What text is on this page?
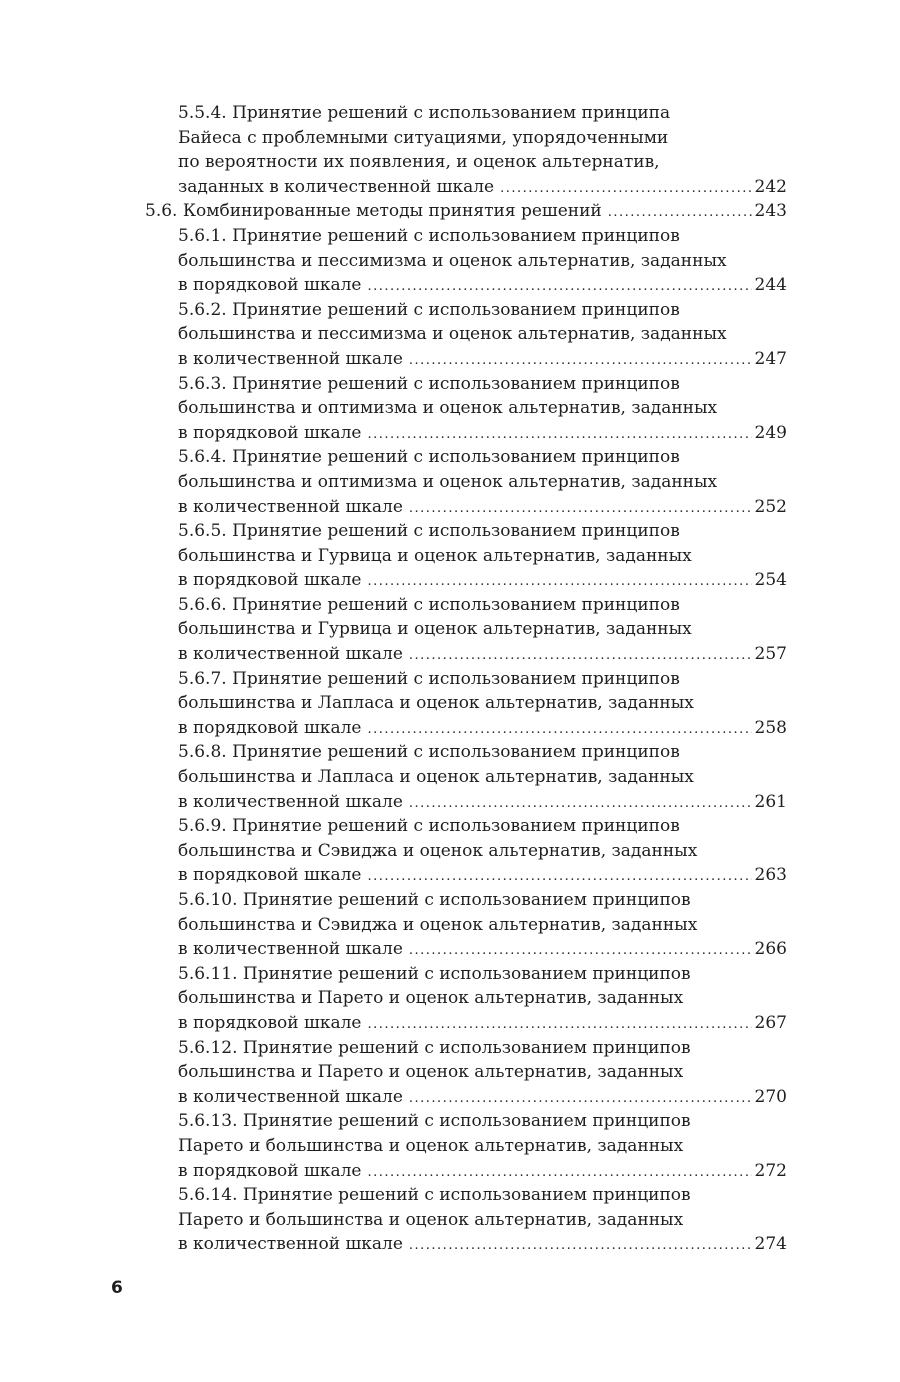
5.5.4. Принятие решений с использованием принципа
Байеса с проблемными ситуациями, упорядоченными
по вероятности их появления, и оценок альтернатив,
заданных в количественной шкале .....	242
5.6. Комбинированные методы принятия решений .....	243
5.6.1. Принятие решений с использованием принципов
большинства и пессимизма и оценок альтернатив, заданных
в порядковой шкале .....	244
5.6.2. Принятие решений с использованием принципов
большинства и пессимизма и оценок альтернатив, заданных
в количественной шкале .....	247
5.6.3. Принятие решений с использованием принципов
большинства и оптимизма и оценок альтернатив, заданных
в порядковой шкале .....	249
5.6.4. Принятие решений с использованием принципов
большинства и оптимизма и оценок альтернатив, заданных
в количественной шкале .....	252
5.6.5. Принятие решений с использованием принципов
большинства и Гурвица и оценок альтернатив, заданных
в порядковой шкале .....	254
5.6.6. Принятие решений с использованием принципов
большинства и Гурвица и оценок альтернатив, заданных
в количественной шкале .....	257
5.6.7. Принятие решений с использованием принципов
большинства и Лапласа и оценок альтернатив, заданных
в порядковой шкале .....	258
5.6.8. Принятие решений с использованием принципов
большинства и Лапласа и оценок альтернатив, заданных
в количественной шкале .....	261
5.6.9. Принятие решений с использованием принципов
большинства и Сэвиджа и оценок альтернатив, заданных
в порядковой шкале .....	263
5.6.10. Принятие решений с использованием принципов
большинства и Сэвиджа и оценок альтернатив, заданных
в количественной шкале .....	266
5.6.11. Принятие решений с использованием принципов
большинства и Парето и оценок альтернатив, заданных
в порядковой шкале .....	267
5.6.12. Принятие решений с использованием принципов
большинства и Парето и оценок альтернатив, заданных
в количественной шкале .....	270
5.6.13. Принятие решений с использованием принципов
Парето и большинства и оценок альтернатив, заданных
в порядковой шкале .....	272
5.6.14. Принятие решений с использованием принципов
Парето и большинства и оценок альтернатив, заданных
в количественной шкале .....	274
6
